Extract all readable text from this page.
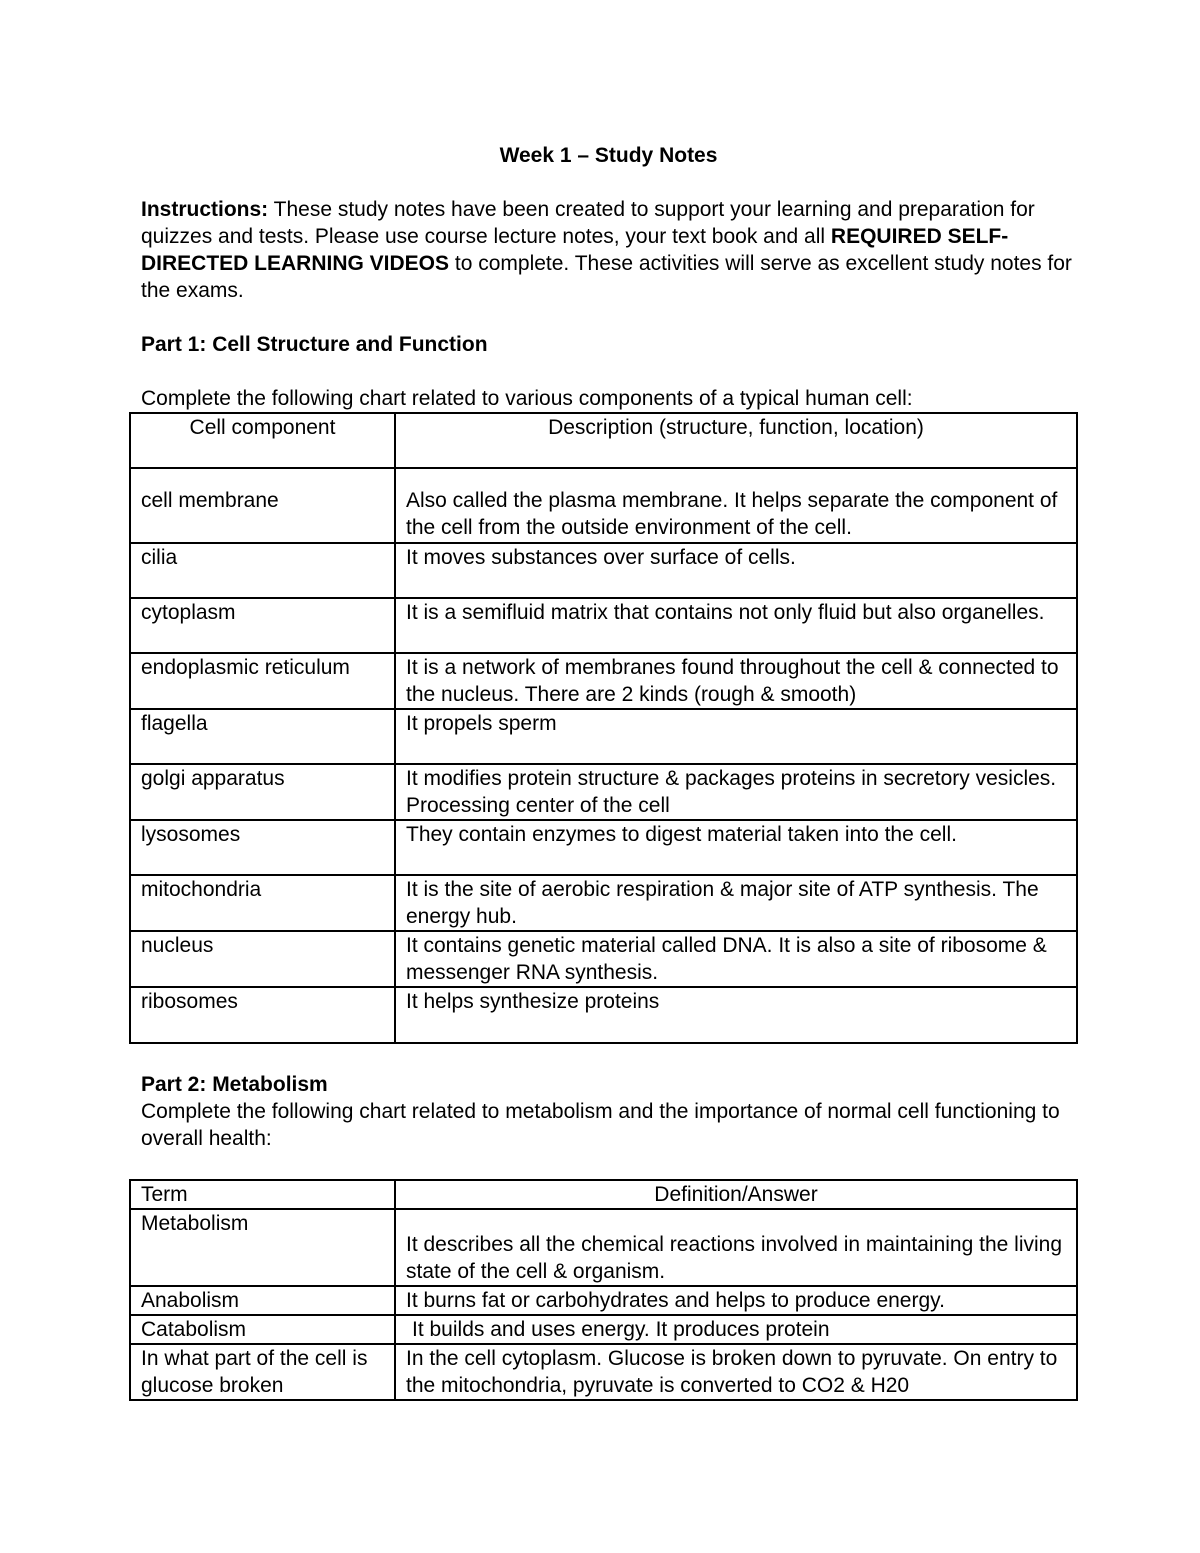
Week 1 – Study Notes

Instructions: These study notes have been created to support your learning and preparation for quizzes and tests. Please use course lecture notes, your text book and all REQUIRED SELF-DIRECTED LEARNING VIDEOS to complete. These activities will serve as excellent study notes for the exams.

Part 1: Cell Structure and Function

Complete the following chart related to various components of a typical human cell:

Cell component	Description (structure, function, location)
cell membrane	Also called the plasma membrane. It helps separate the component of the cell from the outside environment of the cell.
cilia	It moves substances over surface of cells.
cytoplasm	It is a semifluid matrix that contains not only fluid but also organelles.
endoplasmic reticulum	It is a network of membranes found throughout the cell & connected to the nucleus. There are 2 kinds (rough & smooth)
flagella	It propels sperm
golgi apparatus	It modifies protein structure & packages proteins in secretory vesicles. Processing center of the cell
lysosomes	They contain enzymes to digest material taken into the cell.
mitochondria	It is the site of aerobic respiration & major site of ATP synthesis. The energy hub.
nucleus	It contains genetic material called DNA. It is also a site of ribosome & messenger RNA synthesis.
ribosomes	It helps synthesize proteins

Part 2: Metabolism

Complete the following chart related to metabolism and the importance of normal cell functioning to overall health:

Term	Definition/Answer
Metabolism	It describes all the chemical reactions involved in maintaining the living state of the cell & organism.
Anabolism	It burns fat or carbohydrates and helps to produce energy.
Catabolism	It builds and uses energy. It produces protein
In what part of the cell is glucose broken	In the cell cytoplasm. Glucose is broken down to pyruvate. On entry to the mitochondria, pyruvate is converted to CO2 & H20
